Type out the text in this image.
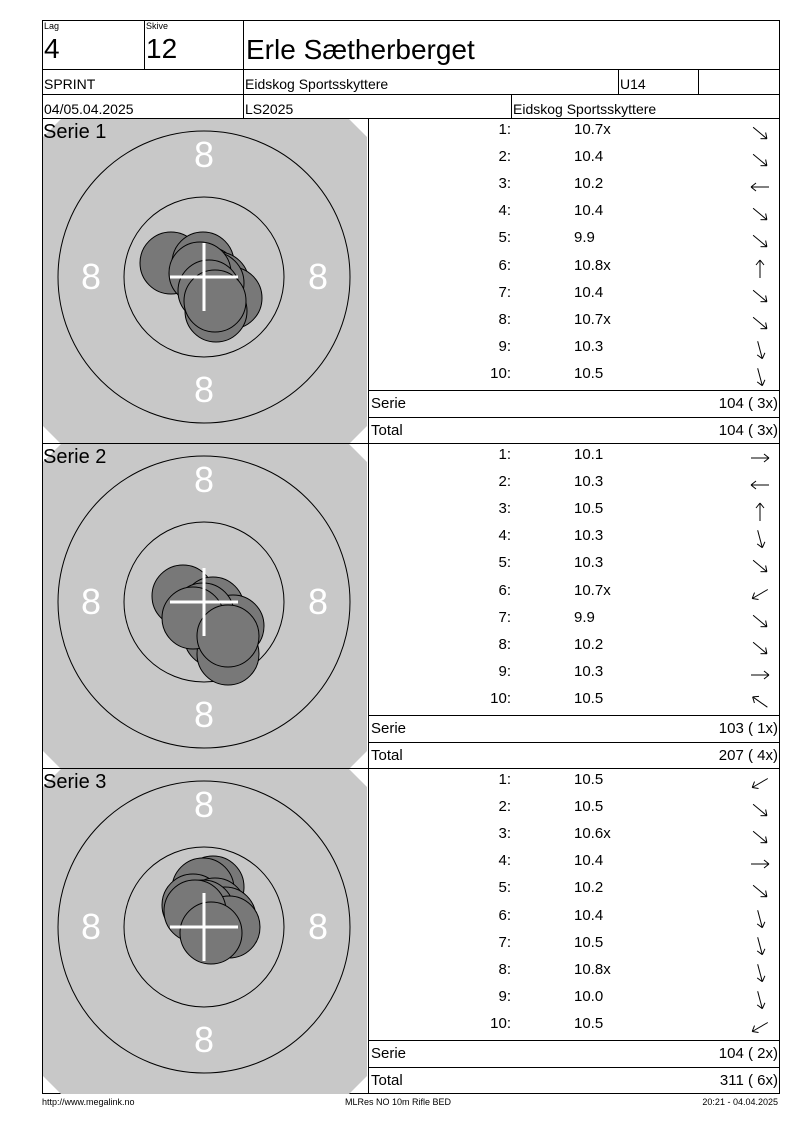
Lag
4
Skive
12 Erle Sætherberget
SPRINT	Eidskog Sportsskyttere	U14
04/05.04.2025	LS2025	Eidskog Sportsskyttere
8
8
8	8
Serie 1	1:	10.7x
2:	10.4
3:	10.2
4:	10.4
5:	9.9
6:	10.8x
7:	10.4
8:	10.7x
9:	10.3
10:	10.5
Serie	104 ( 3x)
Total	104 ( 3x)
8
8
8	8
Serie 2	1:	10.1
2:	10.3
3:	10.5
4:	10.3
5:	10.3
6:	10.7x
7:	9.9
8:	10.2
9:	10.3
10:	10.5
Serie	103 ( 1x)
Total	207 ( 4x)
8
8
8	8
Serie 3	1:	10.5
2:	10.5
3:	10.6x
4:	10.4
5:	10.2
6:	10.4
7:	10.5
8:	10.8x
9:	10.0
10:	10.5
Serie	104 ( 2x)
Total	311 ( 6x)
http://www.megalink.no	MLRes NO 10m Rifle BED	20:21 - 04.04.2025
